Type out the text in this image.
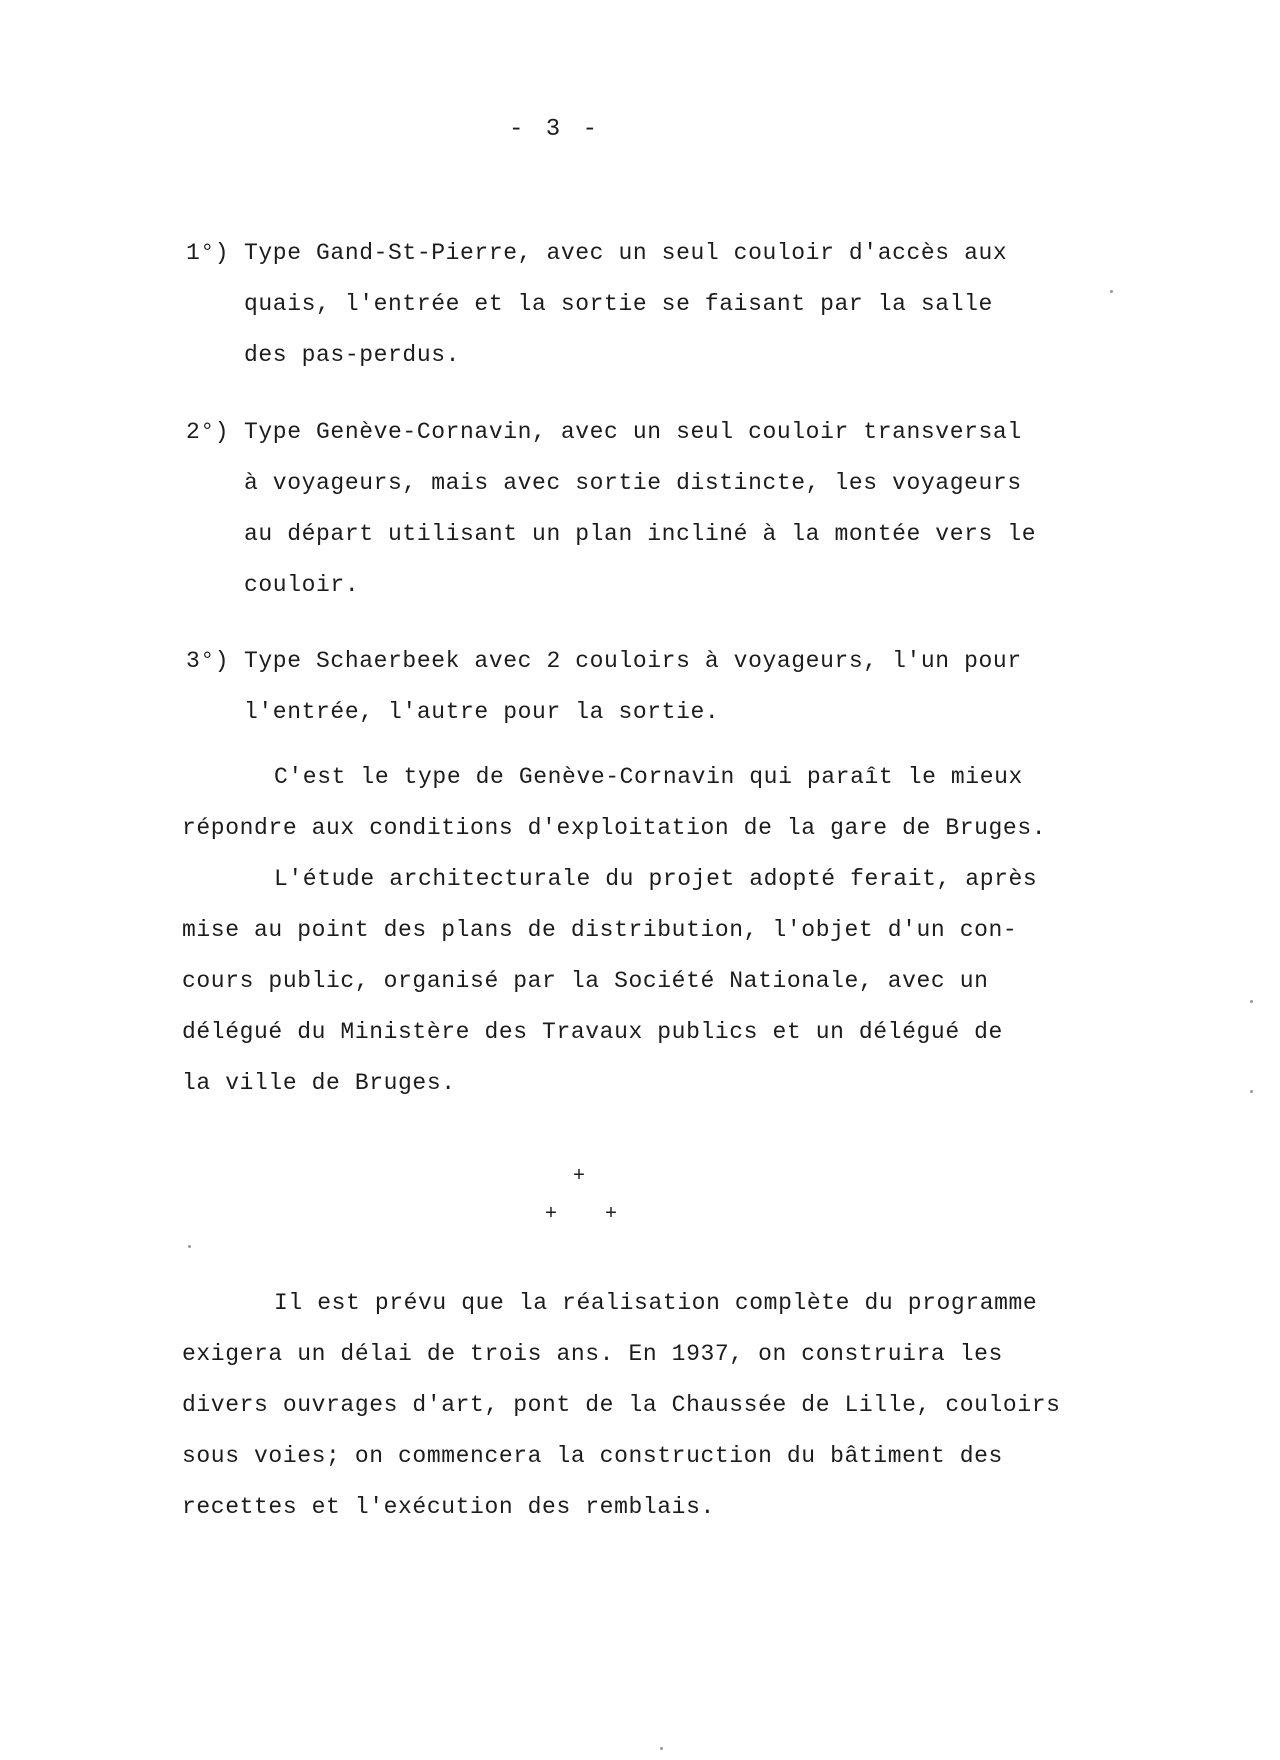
- 3 -
1°) Type Gand-St-Pierre, avec un seul couloir d'accès aux
quais, l'entrée et la sortie se faisant par la salle
des pas-perdus.
2°) Type Genève-Cornavin, avec un seul couloir transversal
à voyageurs, mais avec sortie distincte, les voyageurs
au départ utilisant un plan incliné à la montée vers le
couloir.
3°) Type Schaerbeek avec 2 couloirs à voyageurs, l'un pour
l'entrée, l'autre pour la sortie.
C'est le type de Genève-Cornavin qui paraît le mieux
répondre aux conditions d'exploitation de la gare de Bruges.
L'étude architecturale du projet adopté ferait, après
mise au point des plans de distribution, l'objet d'un con-
cours public, organisé par la Société Nationale, avec un
délégué du Ministère des Travaux publics et un délégué de
la ville de Bruges.
+
+ +
Il est prévu que la réalisation complète du programme
exigera un délai de trois ans. En 1937, on construira les
divers ouvrages d'art, pont de la Chaussée de Lille, couloirs
sous voies; on commencera la construction du bâtiment des
recettes et l'exécution des remblais.
